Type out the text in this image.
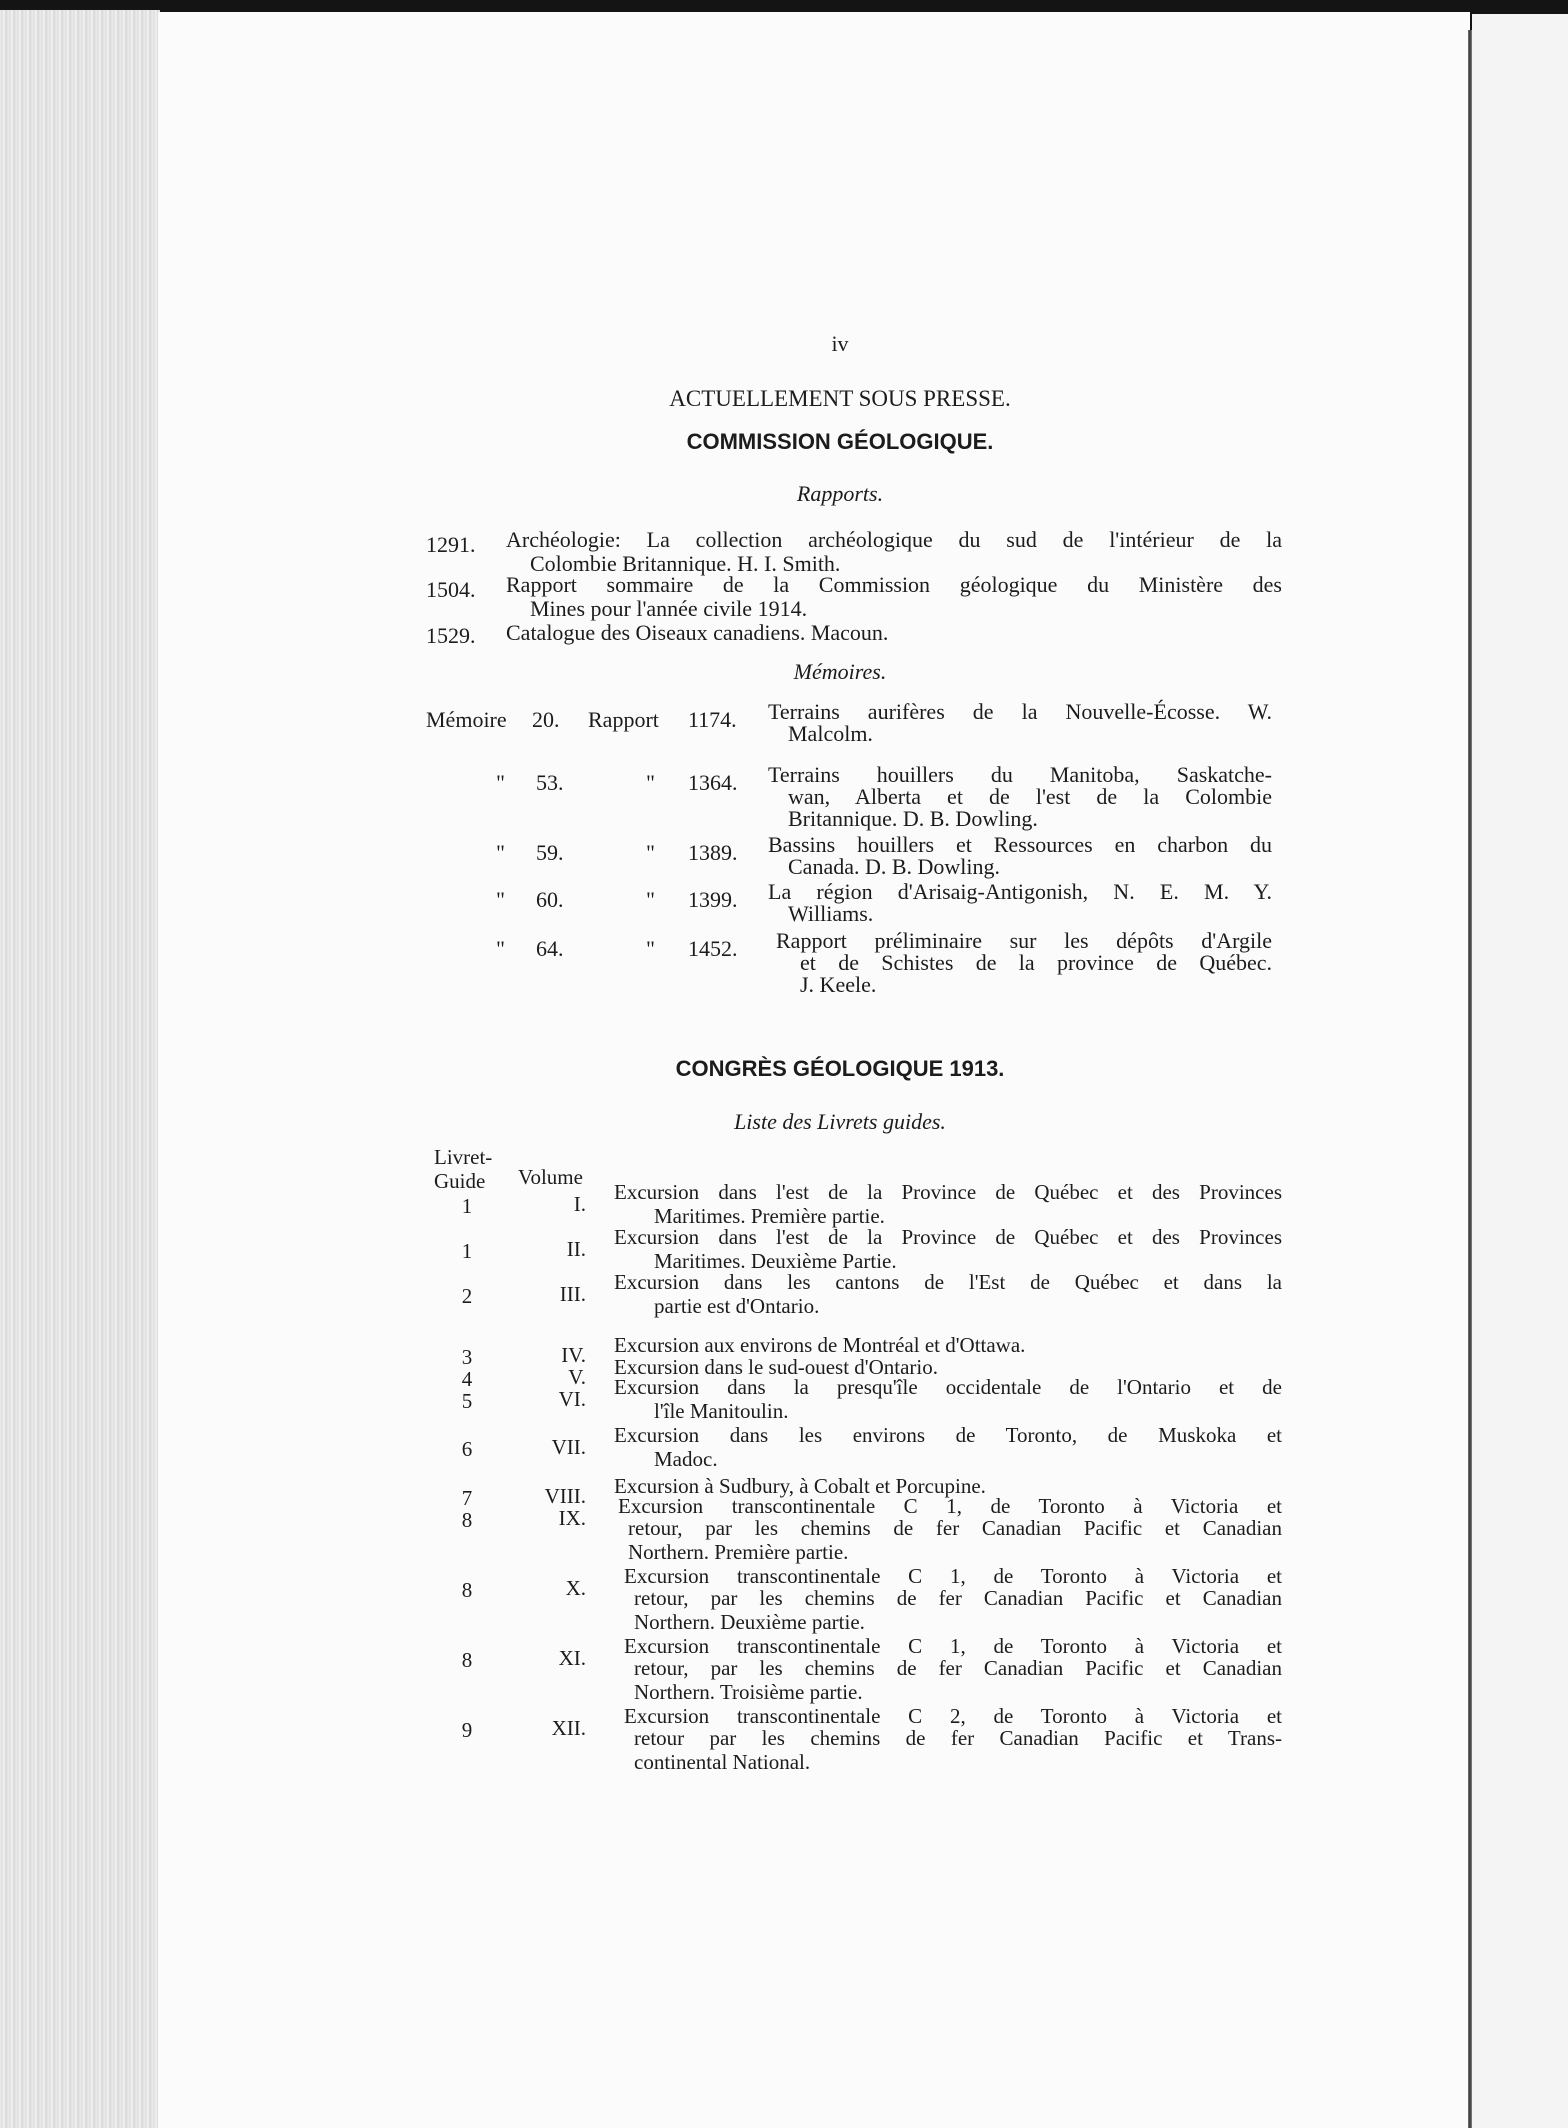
iv
ACTUELLEMENT SOUS PRESSE.
COMMISSION GÉOLOGIQUE.
Rapports.
1291. Archéologie: La collection archéologique du sud de l'intérieur de la
Colombie Britannique. H. I. Smith.
1504. Rapport sommaire de la Commission géologique du Ministère des
Mines pour l'année civile 1914.
1529. Catalogue des Oiseaux canadiens. Macoun.
Mémoires.
Mémoire 20. Rapport 1174. Terrains aurifères de la Nouvelle-Écosse. W.
Malcolm.
" 53.	" 1364. Terrains houillers du Manitoba, Saskatche-
wan, Alberta et de l'est de la Colombie
Britannique. D. B. Dowling.
" 59.	" 1389. Bassins houillers et Ressources en charbon du
Canada. D. B. Dowling.
" 60.	" 1399. La région d'Arisaig-Antigonish, N. E. M. Y.
Williams.
" 64.	" 1452. Rapport préliminaire sur les dépôts d'Argile
et de Schistes de la province de Québec.
J. Keele.
CONGRÈS GÉOLOGIQUE 1913.
Liste des Livrets guides.
Livret-
Guide Volume
1	I. Excursion dans l'est de la Province de Québec et des Provinces
Maritimes. Première partie.
1	II. Excursion dans l'est de la Province de Québec et des Provinces
Maritimes. Deuxième Partie.
2	III. Excursion dans les cantons de l'Est de Québec et dans la
partie est d'Ontario.
3	IV. Excursion aux environs de Montréal et d'Ottawa.
4	V. Excursion dans le sud-ouest d'Ontario.
5	VI. Excursion dans la presqu'île occidentale de l'Ontario et de
l'île Manitoulin.
6	VII. Excursion dans les environs de Toronto, de Muskoka et
Madoc.
7	VIII. Excursion à Sudbury, à Cobalt et Porcupine.
8	IX. Excursion transcontinentale C 1, de Toronto à Victoria et
retour, par les chemins de fer Canadian Pacific et Canadian
Northern. Première partie.
8	X. Excursion transcontinentale C 1, de Toronto à Victoria et
retour, par les chemins de fer Canadian Pacific et Canadian
Northern. Deuxième partie.
8	XI. Excursion transcontinentale C 1, de Toronto à Victoria et
retour, par les chemins de fer Canadian Pacific et Canadian
Northern. Troisième partie.
9	XII. Excursion transcontinentale C 2, de Toronto à Victoria et
retour par les chemins de fer Canadian Pacific et Trans-
continental National.
